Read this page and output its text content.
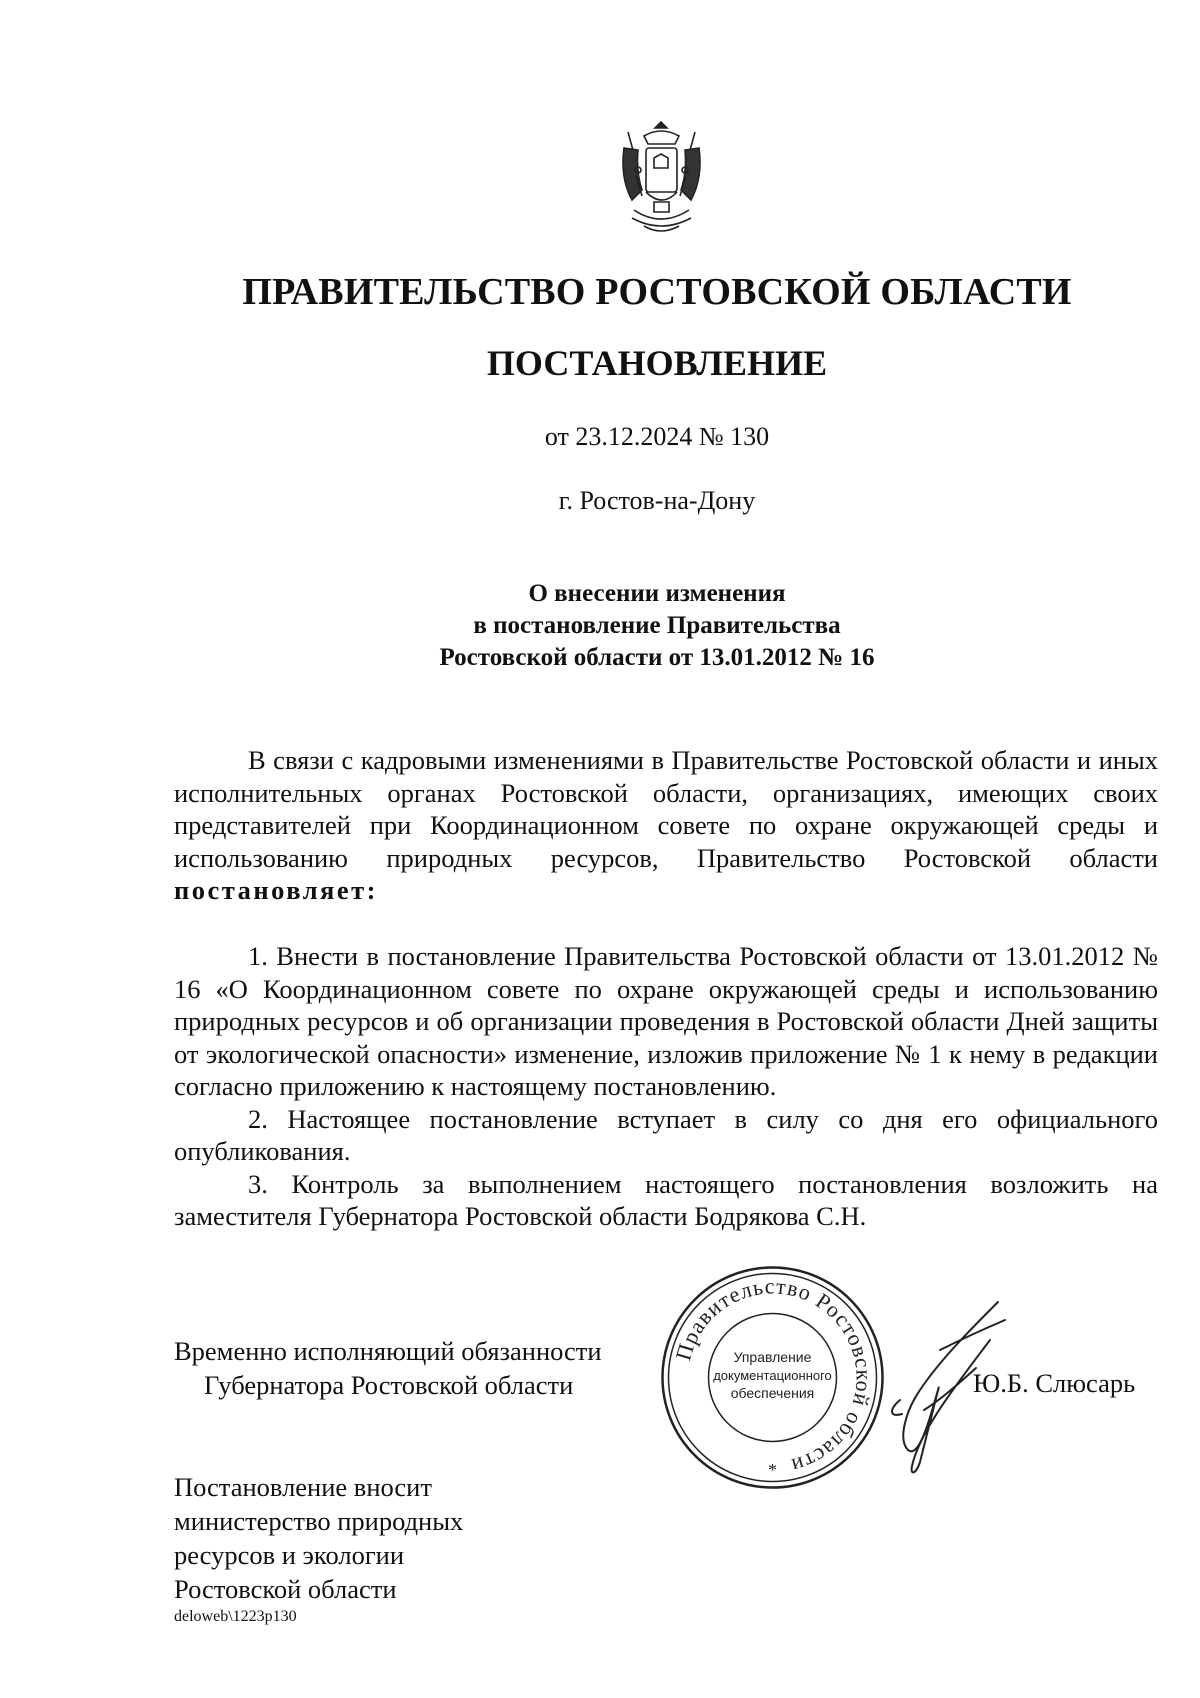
ПРАВИТЕЛЬСТВО РОСТОВСКОЙ ОБЛАСТИ
ПОСТАНОВЛЕНИЕ
от 23.12.2024 № 130
г. Ростов-на-Дону
О внесении изменения
в постановление Правительства
Ростовской области от 13.01.2012 № 16

В связи с кадровыми изменениями в Правительстве Ростовской области и иных исполнительных органах Ростовской области, организациях, имеющих своих представителей при Координационном совете по охране окружающей среды и использованию природных ресурсов, Правительство Ростовской области постановляет:

1. Внести в постановление Правительства Ростовской области от 13.01.2012 № 16 «О Координационном совете по охране окружающей среды и использованию природных ресурсов и об организации проведения в Ростовской области Дней защиты от экологической опасности» изменение, изложив приложение № 1 к нему в редакции согласно приложению к настоящему постановлению.

2. Настоящее постановление вступает в силу со дня его официального опубликования.

3. Контроль за выполнением настоящего постановления возложить на заместителя Губернатора Ростовской области Бодрякова С.Н.

Временно исполняющий обязанности
Губернатора Ростовской области
Правительство Ростовской области
Управление
документационного
обеспечения
*
Ю.Б. Слюсарь
Постановление вносит
министерство природных
ресурсов и экологии
Ростовской области
deloweb\1223p130
